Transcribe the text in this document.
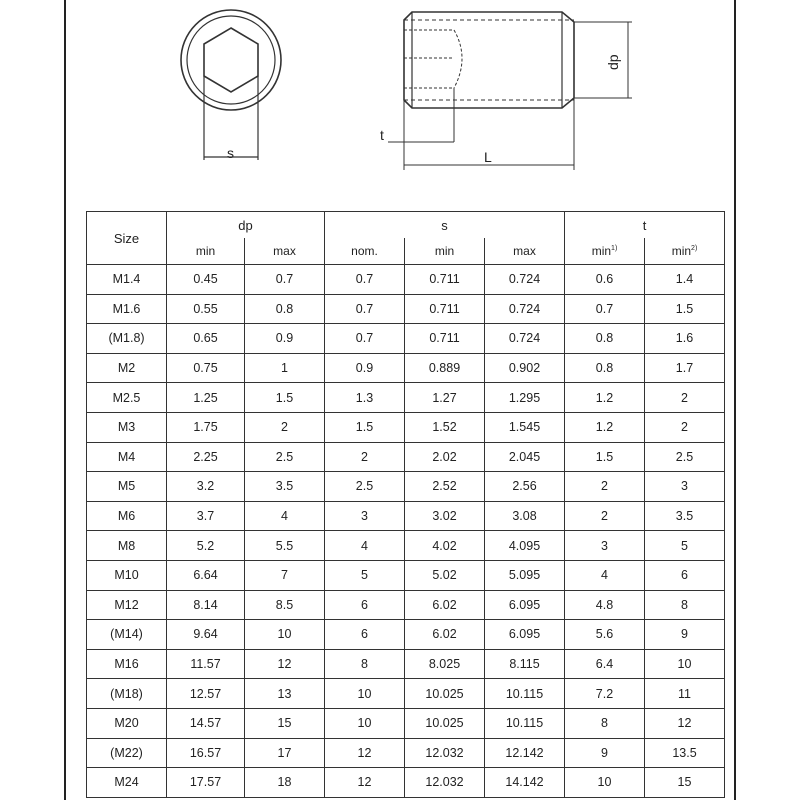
s
t
L
dp
Size	dp		s			t	
	min	max	nom.	min	max	$\min^{1)}$	$\min^{2)}$
M1.4	0.45	0.7	0.7	0.711	0.724	0.6	1.4
M1.6	0.55	0.8	0.7	0.711	0.724	0.7	1.5
(M1.8)	0.65	0.9	0.7	0.711	0.724	0.8	1.6
M2	0.75	1	0.9	0.889	0.902	0.8	1.7
M2.5	1.25	1.5	1.3	1.27	1.295	1.2	2
M3	1.75	2	1.5	1.52	1.545	1.2	2
M4	2.25	2.5	2	2.02	2.045	1.5	2.5
M5	3.2	3.5	2.5	2.52	2.56	2	3
M6	3.7	4	3	3.02	3.08	2	3.5
M8	5.2	5.5	4	4.02	4.095	3	5
M10	6.64	7	5	5.02	5.095	4	6
M12	8.14	8.5	6	6.02	6.095	4.8	8
(M14)	9.64	10	6	6.02	6.095	5.6	9
M16	11.57	12	8	8.025	8.115	6.4	10
(M18)	12.57	13	10	10.025	10.115	7.2	11
M20	14.57	15	10	10.025	10.115	8	12
(M22)	16.57	17	12	12.032	12.142	9	13.5
M24	17.57	18	12	12.032	14.142	10	15
